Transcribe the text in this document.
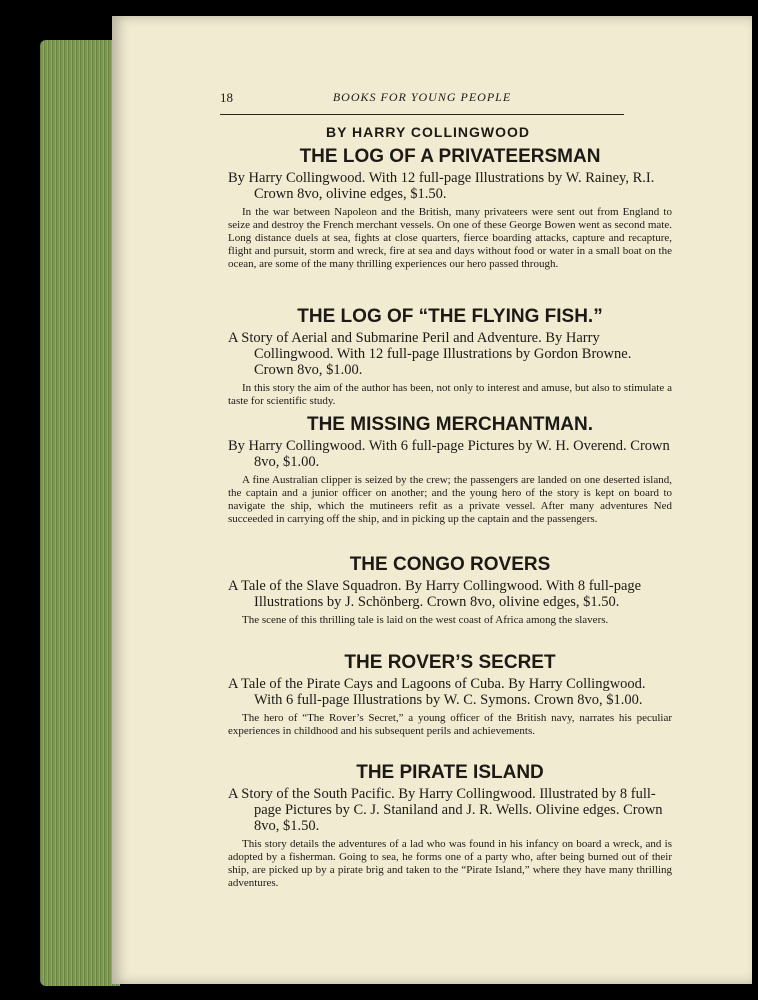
18	BOOKS FOR YOUNG PEOPLE
BY HARRY COLLINGWOOD
THE LOG OF A PRIVATEERSMAN

By Harry Collingwood. With 12 full-page Illustrations by W. Rainey, R.I. Crown 8vo, olivine edges, $1.50.

In the war between Napoleon and the British, many privateers were sent out from England to seize and destroy the French merchant vessels. On one of these George Bowen went as second mate. Long distance duels at sea, fights at close quarters, fierce boarding attacks, capture and recapture, flight and pursuit, storm and wreck, fire at sea and days without food or water in a small boat on the ocean, are some of the many thrilling experiences our hero passed through.

THE LOG OF “THE FLYING FISH.”

A Story of Aerial and Submarine Peril and Adventure. By Harry Collingwood. With 12 full-page Illustrations by Gordon Browne. Crown 8vo, $1.00.

In this story the aim of the author has been, not only to interest and amuse, but also to stimulate a taste for scientific study.

THE MISSING MERCHANTMAN.

By Harry Collingwood. With 6 full-page Pictures by W. H. Overend. Crown 8vo, $1.00.

A fine Australian clipper is seized by the crew; the passengers are landed on one deserted island, the captain and a junior officer on another; and the young hero of the story is kept on board to navigate the ship, which the mutineers refit as a private vessel. After many adventures Ned succeeded in carrying off the ship, and in picking up the captain and the passengers.

THE CONGO ROVERS

A Tale of the Slave Squadron. By Harry Collingwood. With 8 full-page Illustrations by J. Schönberg. Crown 8vo, olivine edges, $1.50.

The scene of this thrilling tale is laid on the west coast of Africa among the slavers.

THE ROVER’S SECRET

A Tale of the Pirate Cays and Lagoons of Cuba. By Harry Collingwood. With 6 full-page Illustrations by W. C. Symons. Crown 8vo, $1.00.

The hero of “The Rover’s Secret,” a young officer of the British navy, narrates his peculiar experiences in childhood and his subsequent perils and achievements.

THE PIRATE ISLAND

A Story of the South Pacific. By Harry Collingwood. Illustrated by 8 full-page Pictures by C. J. Staniland and J. R. Wells. Olivine edges. Crown 8vo, $1.50.

This story details the adventures of a lad who was found in his infancy on board a wreck, and is adopted by a fisherman. Going to sea, he forms one of a party who, after being burned out of their ship, are picked up by a pirate brig and taken to the “Pirate Island,” where they have many thrilling adventures.
